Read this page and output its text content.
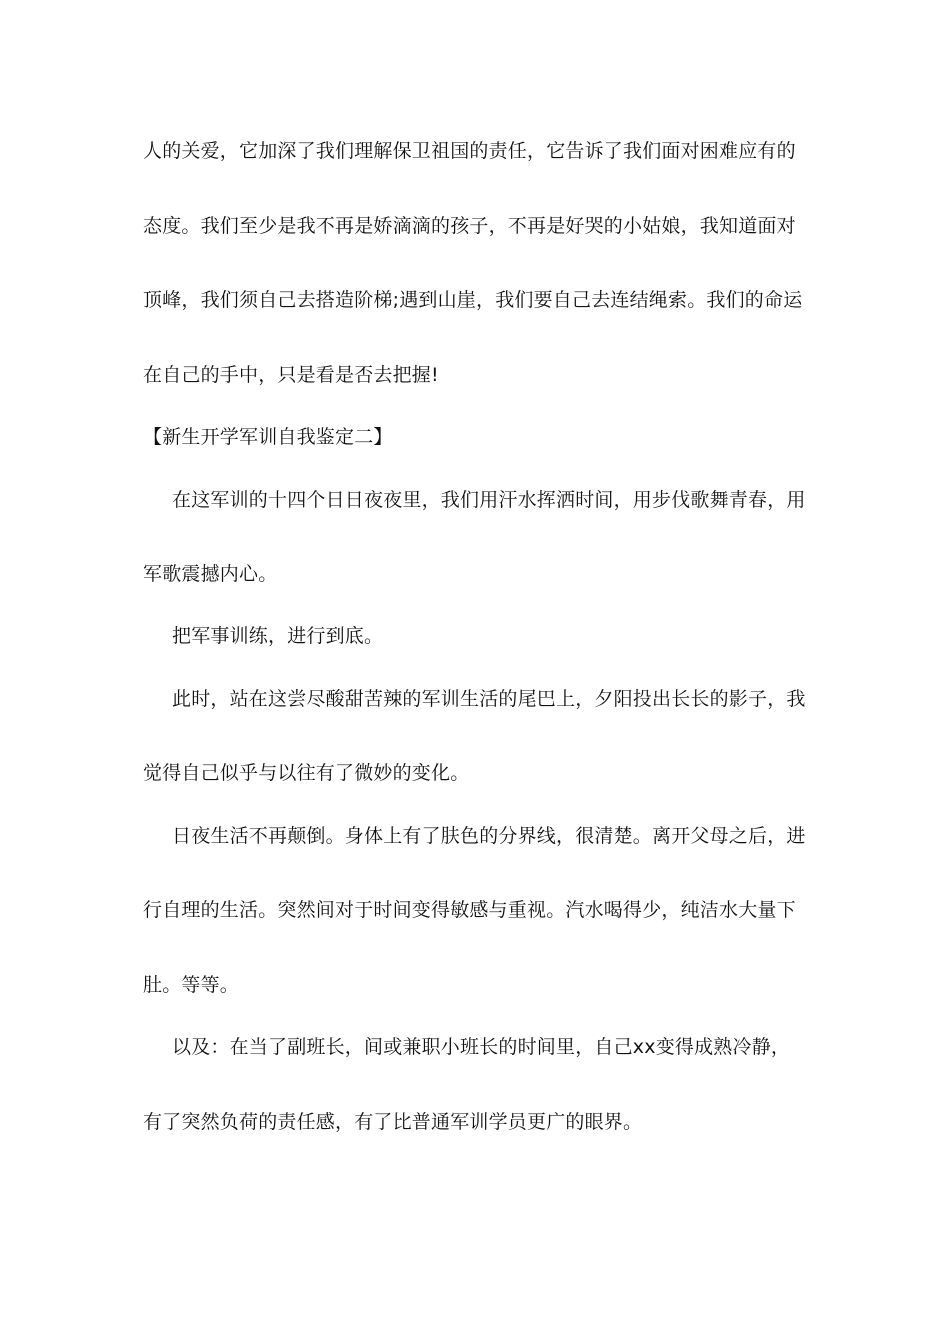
人的关爱，它加深了我们理解保卫祖国的责任，它告诉了我们面对困难应有的
态度。我们至少是我不再是娇滴滴的孩子，不再是好哭的小姑娘，我知道面对
顶峰，我们须自己去搭造阶梯;遇到山崖，我们要自己去连结绳索。我们的命运
在自己的手中，只是看是否去把握!
【新生开学军训自我鉴定二】
在这军训的十四个日日夜夜里，我们用汗水挥洒时间，用步伐歌舞青春，用
军歌震撼内心。
把军事训练，进行到底。
此时，站在这尝尽酸甜苦辣的军训生活的尾巴上，夕阳投出长长的影子，我
觉得自己似乎与以往有了微妙的变化。
日夜生活不再颠倒。身体上有了肤色的分界线，很清楚。离开父母之后，进
行自理的生活。突然间对于时间变得敏感与重视。汽水喝得少，纯洁水大量下
肚。等等。
以及：在当了副班长，间或兼职小班长的时间里，自己xx变得成熟冷静，
有了突然负荷的责任感，有了比普通军训学员更广的眼界。
